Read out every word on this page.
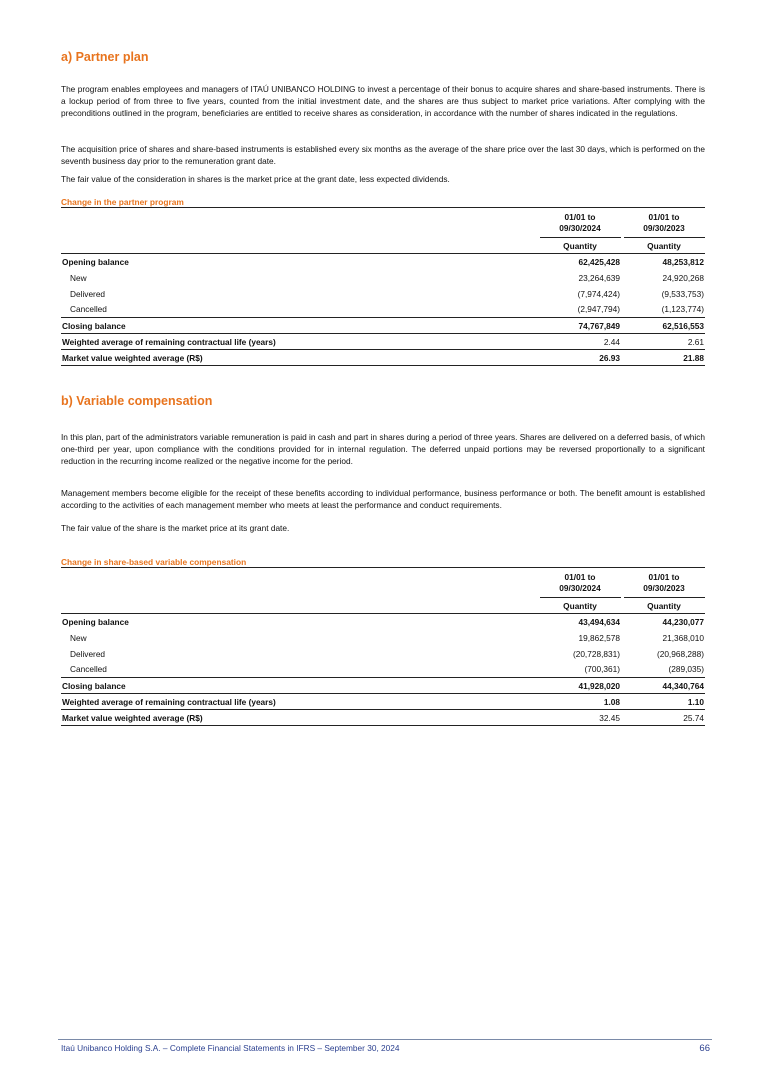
a) Partner plan

The program enables employees and managers of ITAÚ UNIBANCO HOLDING to invest a percentage of their bonus to acquire shares and share-based instruments. There is a lockup period of from three to five years, counted from the initial investment date, and the shares are thus subject to market price variations. After complying with the preconditions outlined in the program, beneficiaries are entitled to receive shares as consideration, in accordance with the number of shares indicated in the regulations.

The acquisition price of shares and share-based instruments is established every six months as the average of the share price over the last 30 days, which is performed on the seventh business day prior to the remuneration grant date.

The fair value of the consideration in shares is the market price at the grant date, less expected dividends.

Change in the partner program
	01/01 to
09/30/2024		01/01 to
09/30/2023
	Quantity		Quantity
Opening balance	62,425,428		48,253,812
New	23,264,639		24,920,268
Delivered	(7,974,424)		(9,533,753)
Cancelled	(2,947,794)		(1,123,774)
Closing balance	74,767,849		62,516,553
Weighted average of remaining contractual life (years)	2.44		2.61
Market value weighted average (R$)	26.93		21.88
b) Variable compensation

In this plan, part of the administrators variable remuneration is paid in cash and part in shares during a period of three years. Shares are delivered on a deferred basis, of which one-third per year, upon compliance with the conditions provided for in internal regulation. The deferred unpaid portions may be reversed proportionally to a significant reduction in the recurring income realized or the negative income for the period.

Management members become eligible for the receipt of these benefits according to individual performance, business performance or both. The benefit amount is established according to the activities of each management member who meets at least the performance and conduct requirements.

The fair value of the share is the market price at its grant date.

Change in share-based variable compensation
	01/01 to
09/30/2024		01/01 to
09/30/2023
	Quantity		Quantity
Opening balance	43,494,634		44,230,077
New	19,862,578		21,368,010
Delivered	(20,728,831)		(20,968,288)
Cancelled	(700,361)		(289,035)
Closing balance	41,928,020		44,340,764
Weighted average of remaining contractual life (years)	1.08		1.10
Market value weighted average (R$)	32.45		25.74
Itaú Unibanco Holding S.A. – Complete Financial Statements in IFRS – September 30, 2024	66
